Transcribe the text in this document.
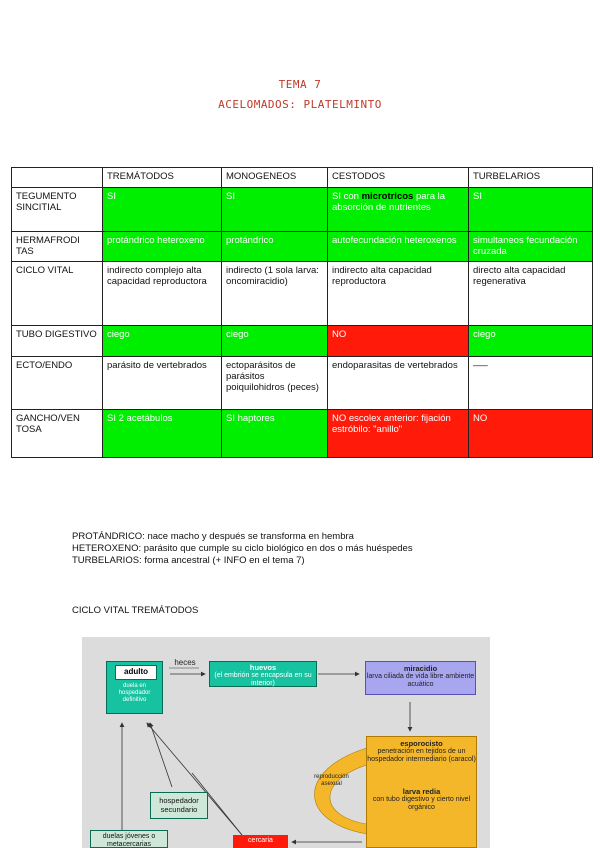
TEMA 7
ACELOMADOS: PLATELMINTO
	TREMÁTODOS	MONOGENEOS	CESTODOS	TURBELARIOS
TEGUMENTO SINCITIAL	SI	SI	SI con microtricos para la absorción de nutrientes	SI
HERMAFRODI TAS	protándrico heteroxeno	protándrico	autofecundación heteroxenos	simultaneos fecundación cruzada
CICLO VITAL	indirecto complejo alta capacidad reproductora	indirecto (1 sola larva: oncomiracidio)	indirecto alta capacidad reproductora	directo alta capacidad regenerativa
TUBO DIGESTIVO	ciego	ciego	NO	ciego
ECTO/ENDO	parásito de vertebrados	ectoparásitos de parásitos poiquilohidros (peces)	endoparasitas de vertebrados	—–
GANCHO/VEN TOSA	SI 2 acetábulos	SI haptores	NO escolex anterior: fijación estróbilo: "anillo"	NO
PROTÁNDRICO: nace macho y después se transforma en hembra
HETEROXENO: parásito que cumple su ciclo biológico en dos o más huéspedes
TURBELARIOS: forma ancestral (+ INFO en el tema 7)
CICLO VITAL TREMÁTODOS
adulto
duela en hospedador definitivo
heces
huevos
(el embrión se encapsula en su interior)
miracidio
larva ciliada de vida libre ambiente acuático
esporocisto
penetración en tejidos de un hospedador intermediario (caracol)
larva redia
con tubo digestivo y cierto nivel orgánico
reproducción asexual
hospedador secundario
duelas jóvenes o metacercarias
cercaria
